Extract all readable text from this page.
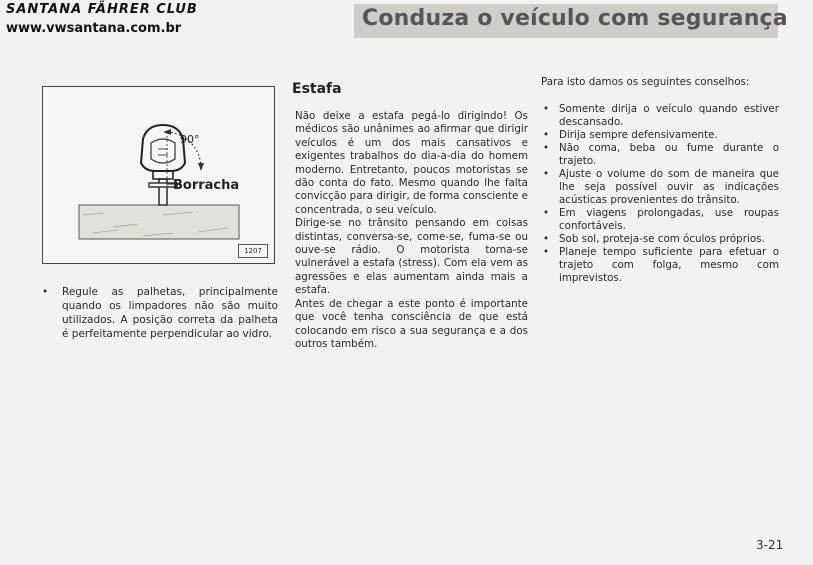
SANTANA FÄHRER CLUB
www.vwsantana.com.br	Conduza o veículo com segurança
90°
Borracha
1207
• Regule as palhetas, principalmente quando os limpadores não são muito utilizados. A posição correta da palheta é perfeitamente perpendicular ao vidro.
Estafa

Não deixe a estafa pegá-lo dirigindo! Os médicos são unânimes ao afirmar que dirigir veículos é um dos mais cansativos e exigentes trabalhos do dia-a-dia do homem moderno. Entretanto, poucos motoristas se dão conta do fato. Mesmo quando lhe falta convicção para dirigir, de forma consciente e concentrada, o seu veículo.

Dirige-se no trânsito pensando em coisas distintas, conversa-se, come-se, fuma-se ou ouve-se rádio. O motorista torna-se vulnerável a estafa (stress). Com ela vem as agressões e elas aumentam ainda mais a estafa.

Antes de chegar a este ponto é importante que você tenha consciência de que está colocando em risco a sua segurança e a dos outros também.

Para isto damos os seguintes conselhos:

• Somente dirija o veículo quando estiver descansado.
• Dirija sempre defensivamente.
• Não coma, beba ou fume durante o trajeto.
• Ajuste o volume do som de maneira que lhe seja possível ouvir as indicações acústicas provenientes do trânsito.
• Em viagens prolongadas, use roupas confortáveis.
• Sob sol, proteja-se com óculos próprios.
• Planeje tempo suficiente para efetuar o trajeto com folga, mesmo com imprevistos.
3-21
